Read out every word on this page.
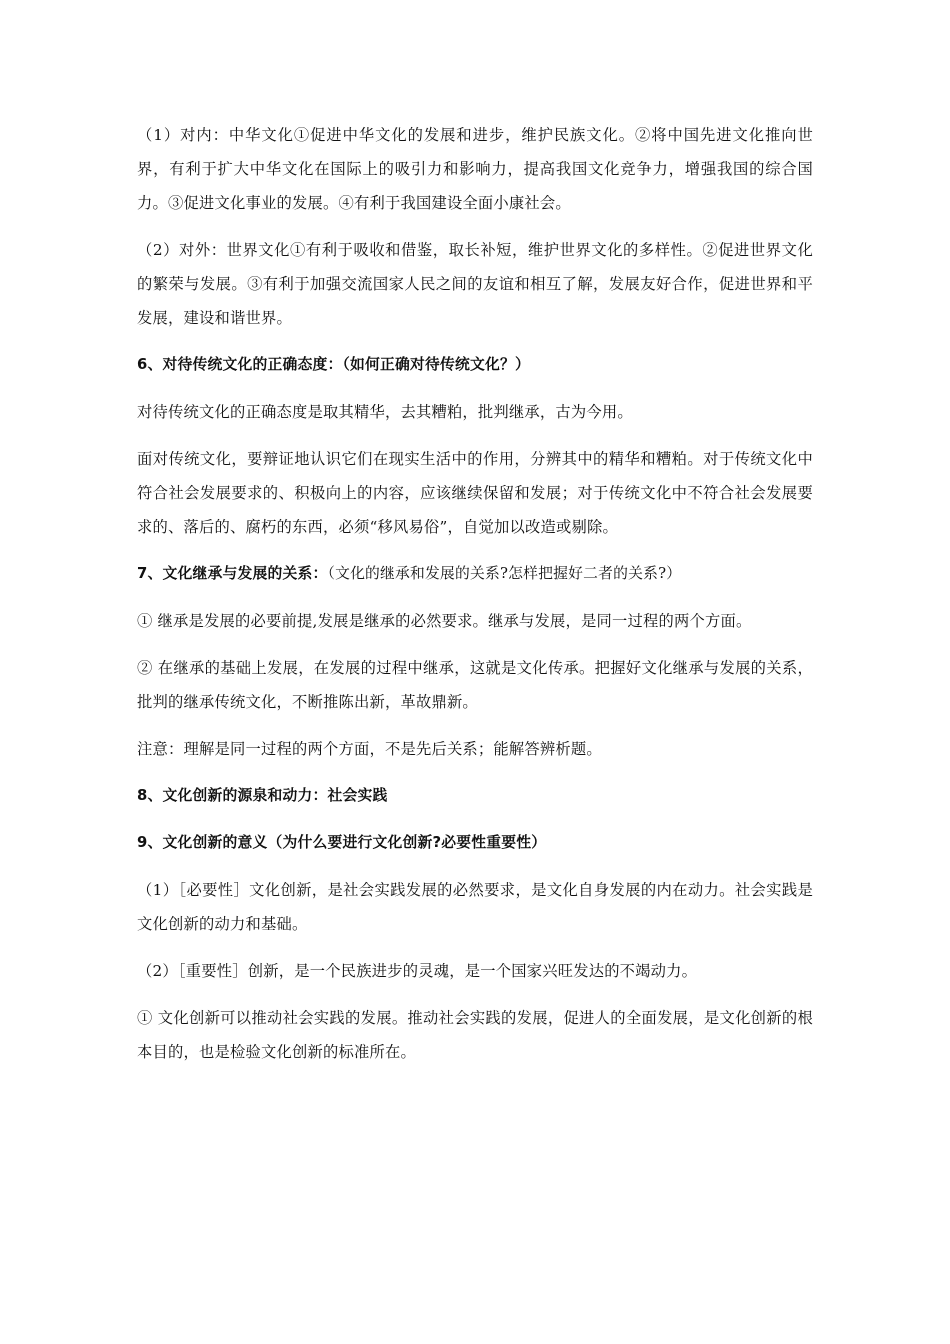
（1）对内：中华文化①促进中华文化的发展和进步，维护民族文化。②将中国先进文化推向世界，有利于扩大中华文化在国际上的吸引力和影响力，提高我国文化竞争力，增强我国的综合国力。③促进文化事业的发展。④有利于我国建设全面小康社会。

（2）对外：世界文化①有利于吸收和借鉴，取长补短，维护世界文化的多样性。②促进世界文化的繁荣与发展。③有利于加强交流国家人民之间的友谊和相互了解，发展友好合作，促进世界和平发展，建设和谐世界。

6、对待传统文化的正确态度：（如何正确对待传统文化？）

对待传统文化的正确态度是取其精华，去其糟粕，批判继承，古为今用。

面对传统文化，要辩证地认识它们在现实生活中的作用，分辨其中的精华和糟粕。对于传统文化中符合社会发展要求的、积极向上的内容，应该继续保留和发展；对于传统文化中不符合社会发展要求的、落后的、腐朽的东西，必须“移风易俗”，自觉加以改造或剔除。

7、文化继承与发展的关系：（文化的继承和发展的关系?怎样把握好二者的关系?）

① 继承是发展的必要前提,发展是继承的必然要求。继承与发展，是同一过程的两个方面。

② 在继承的基础上发展，在发展的过程中继承，这就是文化传承。把握好文化继承与发展的关系，批判的继承传统文化，不断推陈出新，革故鼎新。

注意：理解是同一过程的两个方面，不是先后关系；能解答辨析题。

8、文化创新的源泉和动力：社会实践

9、文化创新的意义（为什么要进行文化创新?必要性重要性）

（1）［必要性］文化创新，是社会实践发展的必然要求，是文化自身发展的内在动力。社会实践是文化创新的动力和基础。

（2）［重要性］创新，是一个民族进步的灵魂，是一个国家兴旺发达的不竭动力。

① 文化创新可以推动社会实践的发展。推动社会实践的发展，促进人的全面发展，是文化创新的根本目的，也是检验文化创新的标准所在。
